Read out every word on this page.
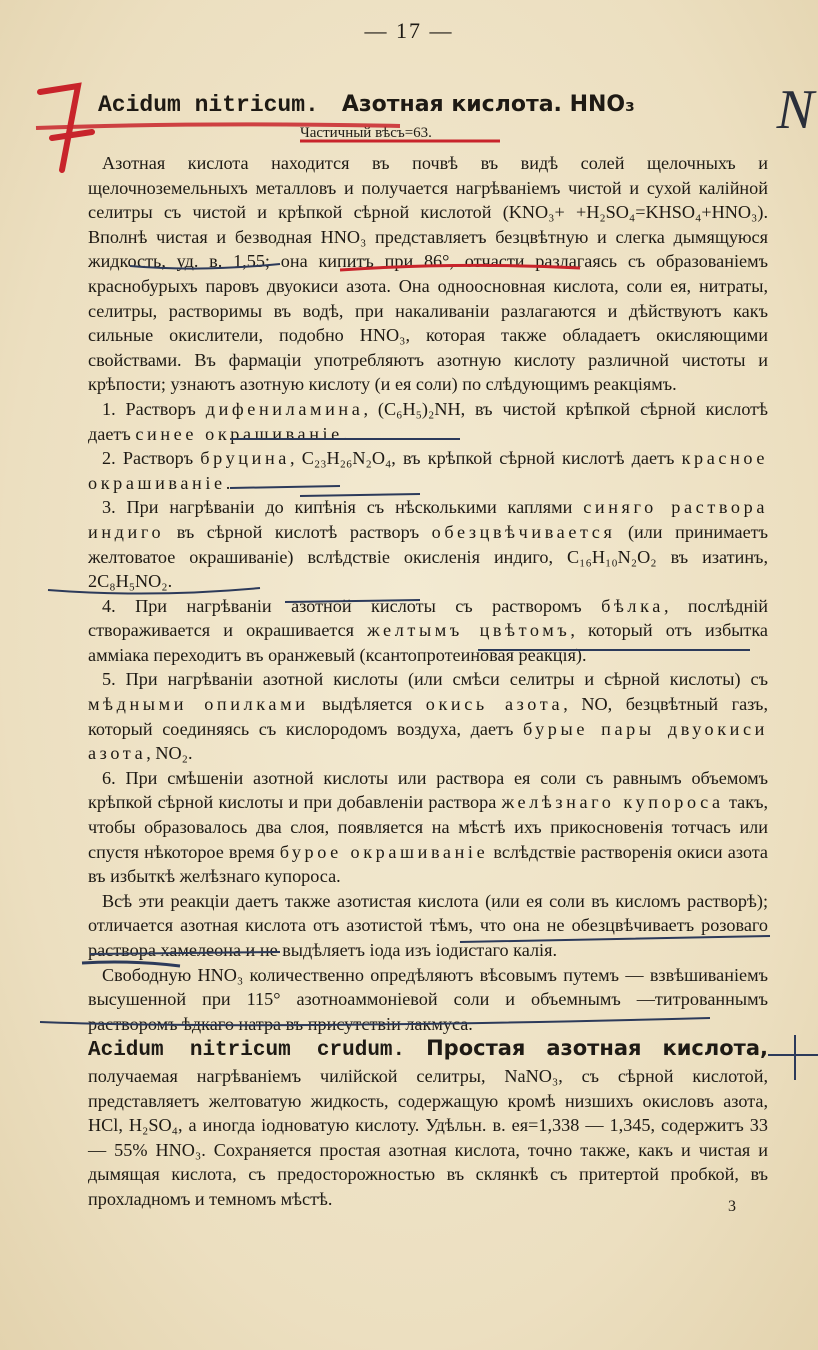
— 17 —
Acidum nitricum. Азотная кислота. HNO₃
Частичный вѣсъ=63.

Азотная кислота находится въ почвѣ въ видѣ солей щелочныхъ и щелочноземельныхъ металловъ и получается нагрѣваніемъ чистой и сухой калійной селитры съ чистой и крѣпкой сѣрной кислотой (KNO₃+ +H₂SO₄=KHSO₄+HNO₃). Вполнѣ чистая и безводная HNO₃ представляетъ безцвѣтную и слегка дымящуюся жидкость, уд. в. 1,55; она кипитъ при 86°, отчасти разлагаясь съ образованіемъ краснобурыхъ паровъ двуокиси азота. Она одноосновная кислота, соли ея, нитраты, селитры, растворимы въ водѣ, при накаливаніи разлагаются и дѣйствуютъ какъ сильные окислители, подобно HNO₃, которая также обладаетъ окисляющими свойствами. Въ фармаціи употребляютъ азотную кислоту различной чистоты и крѣпости; узнаютъ азотную кислоту (и ея соли) по слѣдующимъ реакціямъ.

1. Растворъ дифениламина, (C₆H₅)₂NH, въ чистой крѣпкой сѣрной кислотѣ даетъ синее окрашиваніе.

2. Растворъ бруцина, C₂₃H₂₆N₂O₄, въ крѣпкой сѣрной кислотѣ даетъ красное окрашиваніе.

3. При нагрѣваніи до кипѣнія съ нѣсколькими каплями синяго раствора индиго въ сѣрной кислотѣ растворъ обезцвѣчивается (или принимаетъ желтоватое окрашиваніе) вслѣдствіе окисленія индиго, C₁₆H₁₀N₂O₂ въ изатинъ, 2C₈H₅NO₂.

4. При нагрѣваніи азотной кислоты съ растворомъ бѣлка, послѣдній створаживается и окрашивается желтымъ цвѣтомъ, который отъ избытка аммiака переходитъ въ оранжевый (ксантопротеиновая реакція).

5. При нагрѣваніи азотной кислоты (или смѣси селитры и сѣрной кислоты) съ мѣдными опилками выдѣляется окись азота, NO, безцвѣтный газъ, который соединяясь съ кислородомъ воздуха, даетъ бурые пары двуокиси азота, NO₂.

6. При смѣшеніи азотной кислоты или раствора ея соли съ равнымъ объемомъ крѣпкой сѣрной кислоты и при добавленіи раствора желѣзнаго купороса такъ, чтобы образовалось два слоя, появляется на мѣстѣ ихъ прикосновенія тотчасъ или спустя нѣкоторое время бурое окрашиваніе вслѣдствіе растворенія окиси азота въ избыткѣ желѣзнаго купороса.

Всѣ эти реакціи даетъ также азотистая кислота (или ея соли въ кисломъ растворѣ); отличается азотная кислота отъ азотистой тѣмъ, что она не обезцвѣчиваетъ розоваго раствора хамелеона и не выдѣляетъ іода изъ іодистаго калія.

Свободную HNO₃ количественно опредѣляютъ вѣсовымъ путемъ — взвѣшиваніемъ высушенной при 115° азотноаммоніевой соли и объемнымъ —титрованнымъ растворомъ ѣдкаго натра въ присутствіи лакмуса.

Acidum nitricum crudum. Простая азотная кислота, получаемая нагрѣваніемъ чилійской селитры, NaNO₃, съ сѣрной кислотой, представляетъ желтоватую жидкость, содержащую кромѣ низшихъ окисловъ азота, HCl, H₂SO₄, а иногда іодноватую кислоту. Удѣльн. в. ея=1,338 — 1,345, содержитъ 33 — 55% HNO₃. Сохраняется простая азотная кислота, точно также, какъ и чистая и дымящая кислота, съ предосторожностью въ склянкѣ съ притертой пробкой, въ прохладномъ и темномъ мѣстѣ.	3
N
